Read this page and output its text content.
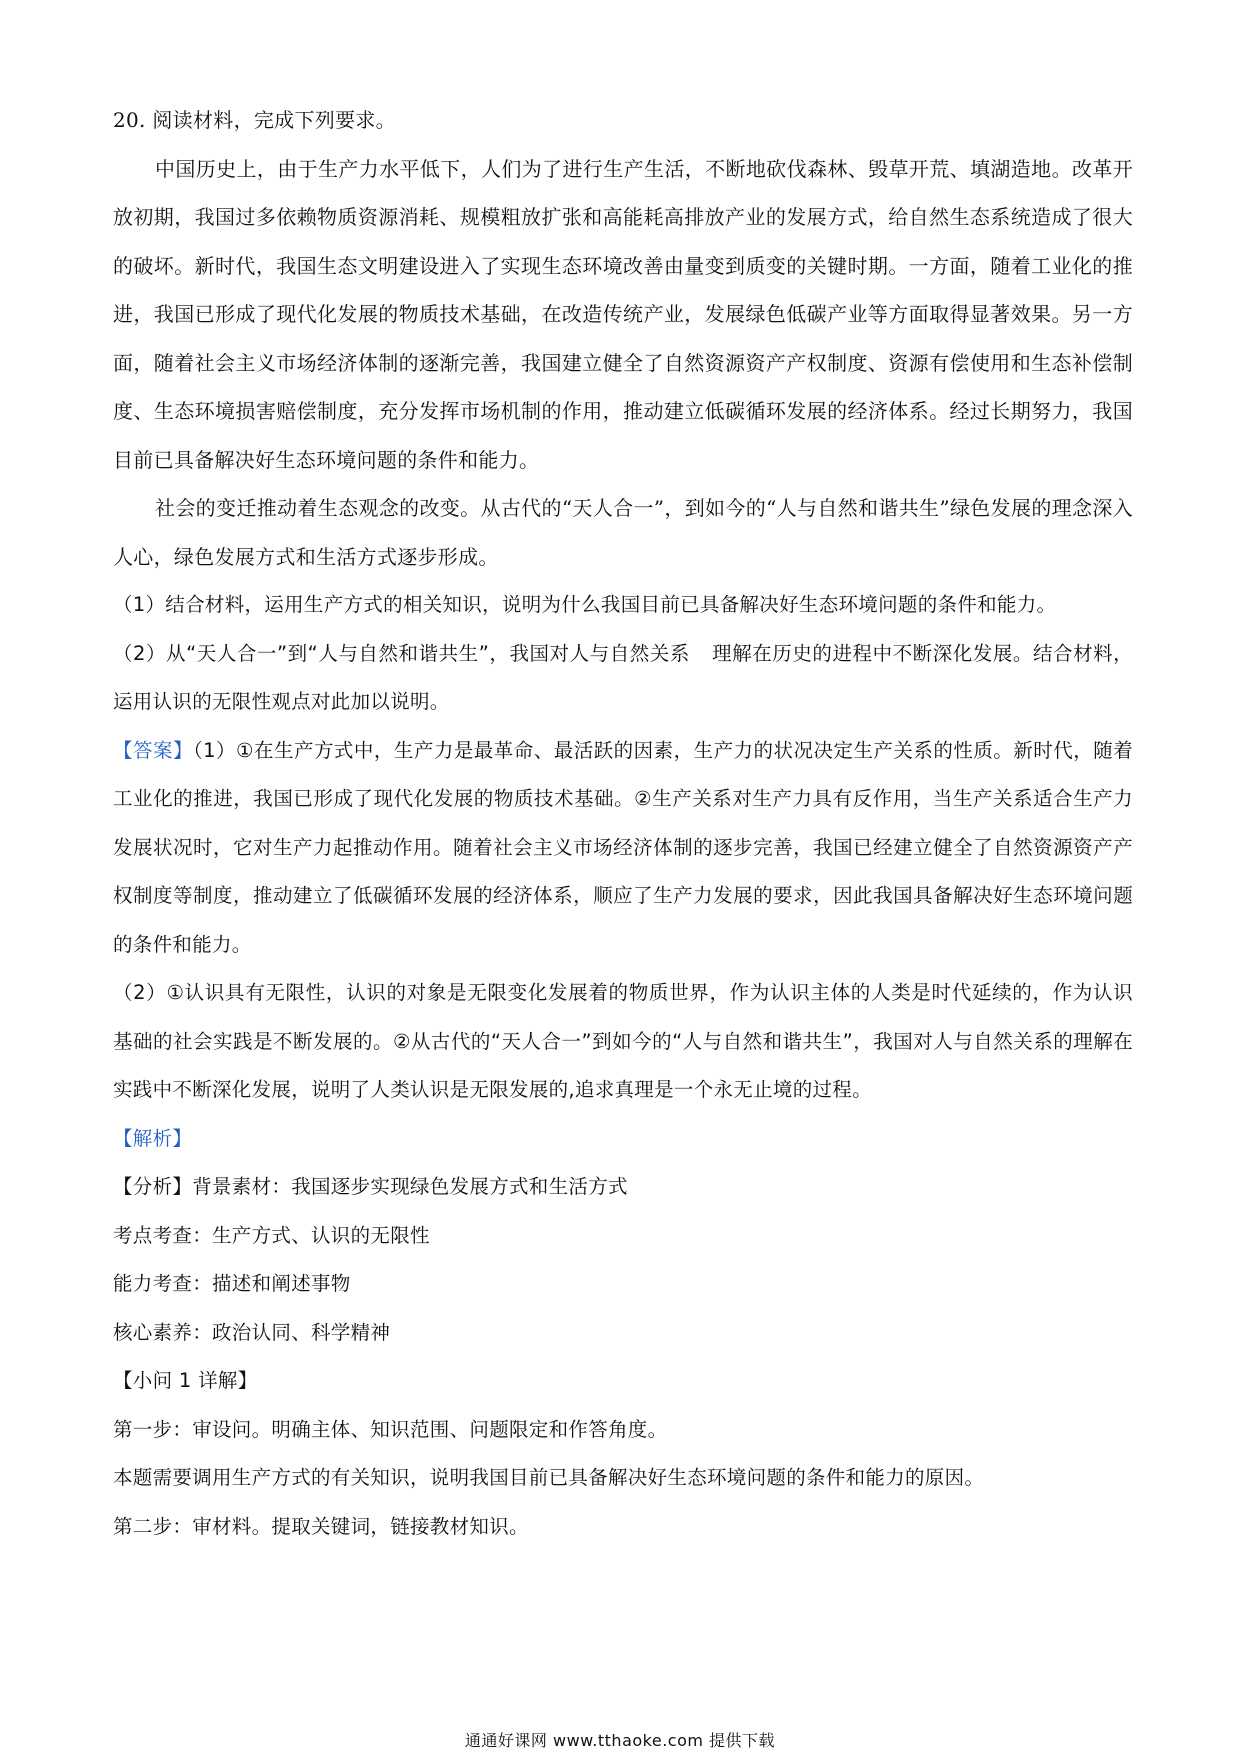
20. 阅读材料，完成下列要求。

中国历史上，由于生产力水平低下，人们为了进行生产生活，不断地砍伐森林、毁草开荒、填湖造地。改革开放初期，我国过多依赖物质资源消耗、规模粗放扩张和高能耗高排放产业的发展方式，给自然生态系统造成了很大的破坏。新时代，我国生态文明建设进入了实现生态环境改善由量变到质变的关键时期。一方面，随着工业化的推进，我国已形成了现代化发展的物质技术基础，在改造传统产业，发展绿色低碳产业等方面取得显著效果。另一方面，随着社会主义市场经济体制的逐渐完善，我国建立健全了自然资源资产产权制度、资源有偿使用和生态补偿制度、生态环境损害赔偿制度，充分发挥市场机制的作用，推动建立低碳循环发展的经济体系。经过长期努力，我国目前已具备解决好生态环境问题的条件和能力。

社会的变迁推动着生态观念的改变。从古代的“天人合一”，到如今的“人与自然和谐共生”绿色发展的理念深入人心，绿色发展方式和生活方式逐步形成。

（1）结合材料，运用生产方式的相关知识，说明为什么我国目前已具备解决好生态环境问题的条件和能力。

（2）从“天人合一”到“人与自然和谐共生”，我国对人与自然关系 理解在历史的进程中不断深化发展。结合材料，运用认识的无限性观点对此加以说明。

【答案】（1）①在生产方式中，生产力是最革命、最活跃的因素，生产力的状况决定生产关系的性质。新时代，随着工业化的推进，我国已形成了现代化发展的物质技术基础。②生产关系对生产力具有反作用，当生产关系适合生产力发展状况时，它对生产力起推动作用。随着社会主义市场经济体制的逐步完善，我国已经建立健全了自然资源资产产权制度等制度，推动建立了低碳循环发展的经济体系，顺应了生产力发展的要求，因此我国具备解决好生态环境问题的条件和能力。

（2）①认识具有无限性，认识的对象是无限变化发展着的物质世界，作为认识主体的人类是时代延续的，作为认识基础的社会实践是不断发展的。②从古代的“天人合一”到如今的“人与自然和谐共生”，我国对人与自然关系的理解在实践中不断深化发展，说明了人类认识是无限发展的,追求真理是一个永无止境的过程。

【解析】

【分析】背景素材：我国逐步实现绿色发展方式和生活方式

考点考查：生产方式、认识的无限性

能力考查：描述和阐述事物

核心素养：政治认同、科学精神

【小问 1 详解】

第一步：审设问。明确主体、知识范围、问题限定和作答角度。

本题需要调用生产方式的有关知识，说明我国目前已具备解决好生态环境问题的条件和能力的原因。

第二步：审材料。提取关键词，链接教材知识。

通通好课网 www.tthaoke.com 提供下载
